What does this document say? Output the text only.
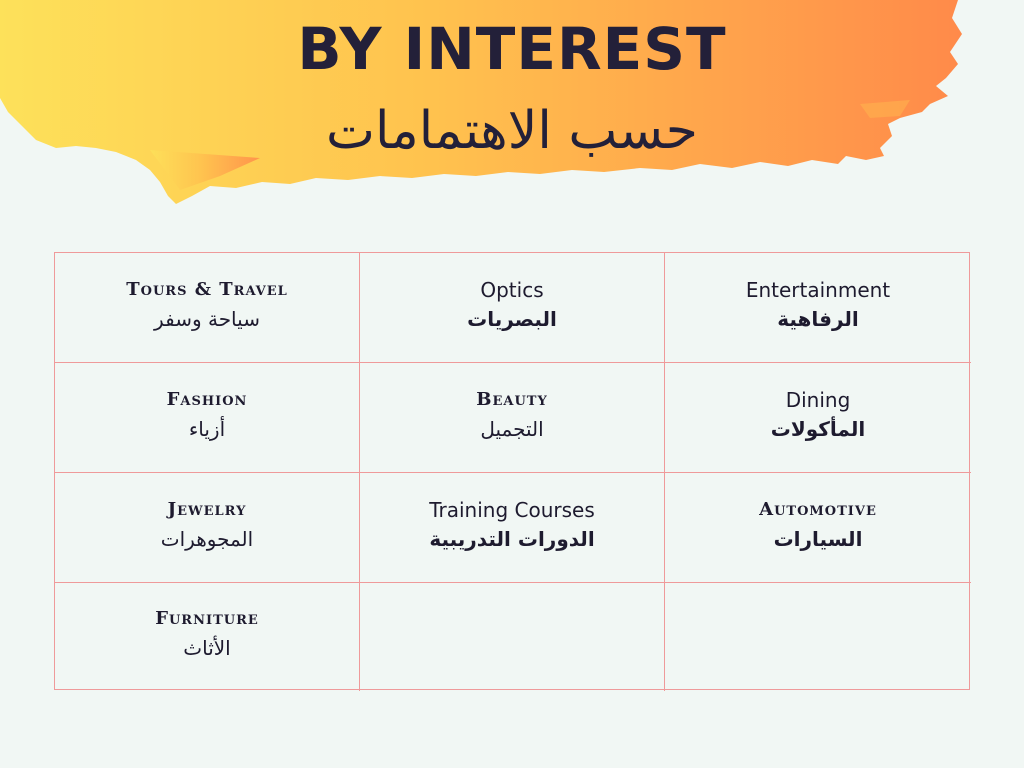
BY INTEREST
حسب الاهتمامات
Tours & Travel
سياحة وسفر
Optics
البصريات
Entertainment
الرفاهية
Fashion
أزياء
Beauty
التجميل
Dining
المأكولات
Jewelry
المجوهرات
Training Courses
الدورات التدريبية
Automotive
السيارات
Furniture
الأثاث
